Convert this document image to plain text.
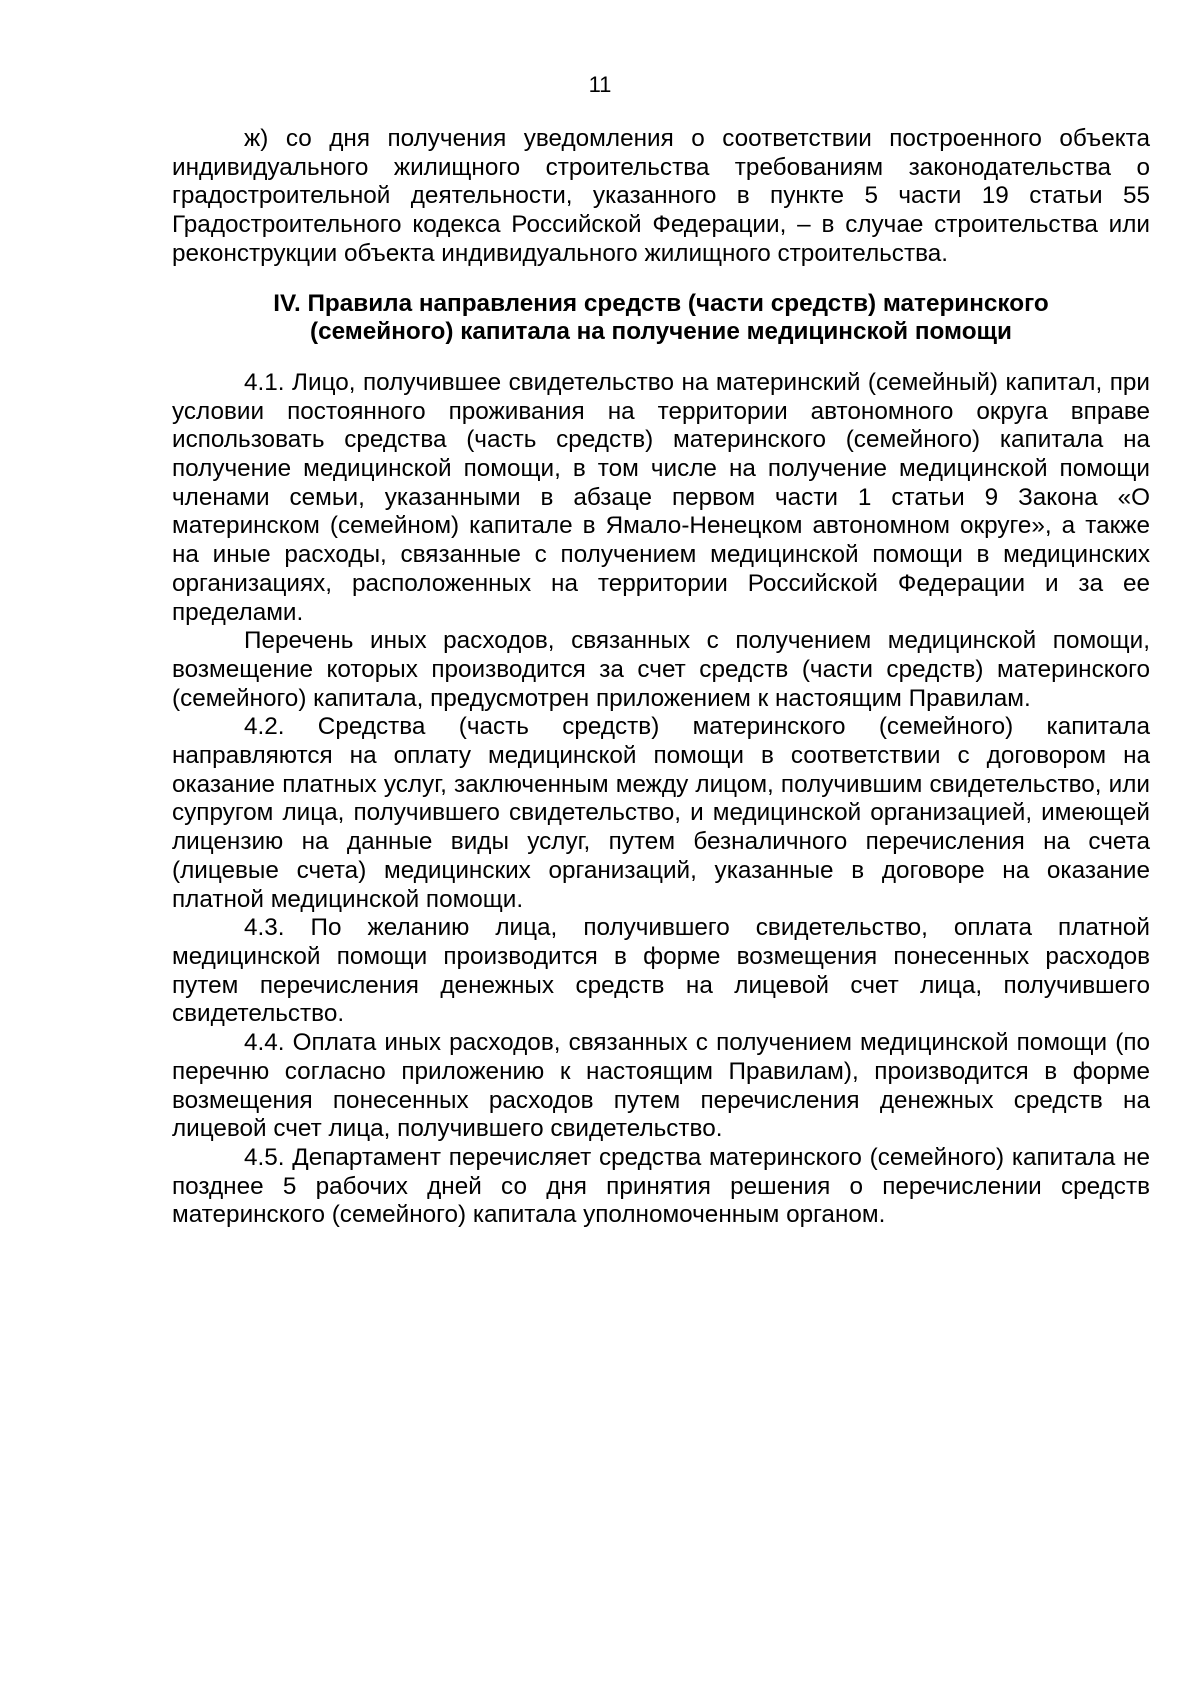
11

ж) со дня получения уведомления о соответствии построенного объекта индивидуального жилищного строительства требованиям законодательства о градостроительной деятельности, указанного в пункте 5 части 19 статьи 55 Градостроительного кодекса Российской Федерации, – в случае строительства или реконструкции объекта индивидуального жилищного строительства.

IV. Правила направления средств (части средств) материнского
(семейного) капитала на получение медицинской помощи

4.1. Лицо, получившее свидетельство на материнский (семейный) капитал, при условии постоянного проживания на территории автономного округа вправе использовать средства (часть средств) материнского (семейного) капитала на получение медицинской помощи, в том числе на получение медицинской помощи членами семьи, указанными в абзаце первом части 1 статьи 9 Закона «О материнском (семейном) капитале в Ямало-Ненецком автономном округе», а также на иные расходы, связанные с получением медицинской помощи в медицинских организациях, расположенных на территории Российской Федерации и за ее пределами.

Перечень иных расходов, связанных с получением медицинской помощи, возмещение которых производится за счет средств (части средств) материнского (семейного) капитала, предусмотрен приложением к настоящим Правилам.

4.2. Средства (часть средств) материнского (семейного) капитала направляются на оплату медицинской помощи в соответствии с договором на оказание платных услуг, заключенным между лицом, получившим свидетельство, или супругом лица, получившего свидетельство, и медицинской организацией, имеющей лицензию на данные виды услуг, путем безналичного перечисления на счета (лицевые счета) медицинских организаций, указанные в договоре на оказание платной медицинской помощи.

4.3. По желанию лица, получившего свидетельство, оплата платной медицинской помощи производится в форме возмещения понесенных расходов путем перечисления денежных средств на лицевой счет лица, получившего свидетельство.

4.4. Оплата иных расходов, связанных с получением медицинской помощи (по перечню согласно приложению к настоящим Правилам), производится в форме возмещения понесенных расходов путем перечисления денежных средств на лицевой счет лица, получившего свидетельство.

4.5. Департамент перечисляет средства материнского (семейного) капитала не позднее 5 рабочих дней со дня принятия решения о перечислении средств материнского (семейного) капитала уполномоченным органом.
